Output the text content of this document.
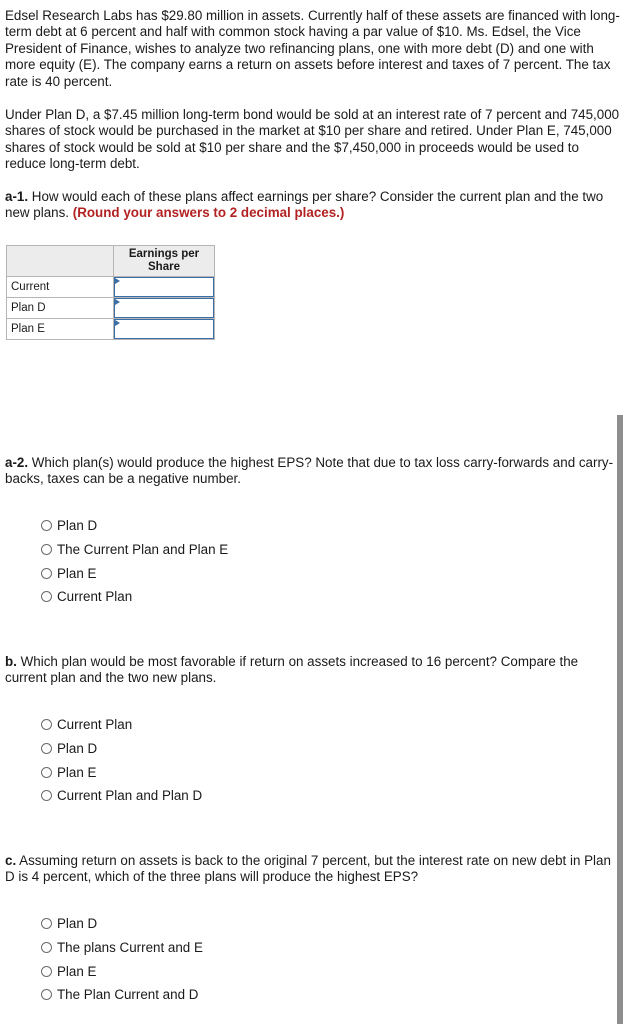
Edsel Research Labs has $29.80 million in assets. Currently half of these assets are financed with long-term debt at 6 percent and half with common stock having a par value of $10. Ms. Edsel, the Vice President of Finance, wishes to analyze two refinancing plans, one with more debt (D) and one with more equity (E). The company earns a return on assets before interest and taxes of 7 percent. The tax rate is 40 percent.

Under Plan D, a $7.45 million long-term bond would be sold at an interest rate of 7 percent and 745,000 shares of stock would be purchased in the market at $10 per share and retired. Under Plan E, 745,000 shares of stock would be sold at $10 per share and the $7,450,000 in proceeds would be used to reduce long-term debt.

a-1. How would each of these plans affect earnings per share? Consider the current plan and the two new plans. (Round your answers to 2 decimal places.)

	Earnings per
Share
Current	

Plan D	

Plan E	

a-2. Which plan(s) would produce the highest EPS? Note that due to tax loss carry-forwards and carry-backs, taxes can be a negative number.

Plan D
The Current Plan and Plan E
Plan E
Current Plan

b. Which plan would be most favorable if return on assets increased to 16 percent? Compare the current plan and the two new plans.

Current Plan
Plan D
Plan E
Current Plan and Plan D

c. Assuming return on assets is back to the original 7 percent, but the interest rate on new debt in Plan D is 4 percent, which of the three plans will produce the highest EPS?

Plan D
The plans Current and E
Plan E
The Plan Current and D
